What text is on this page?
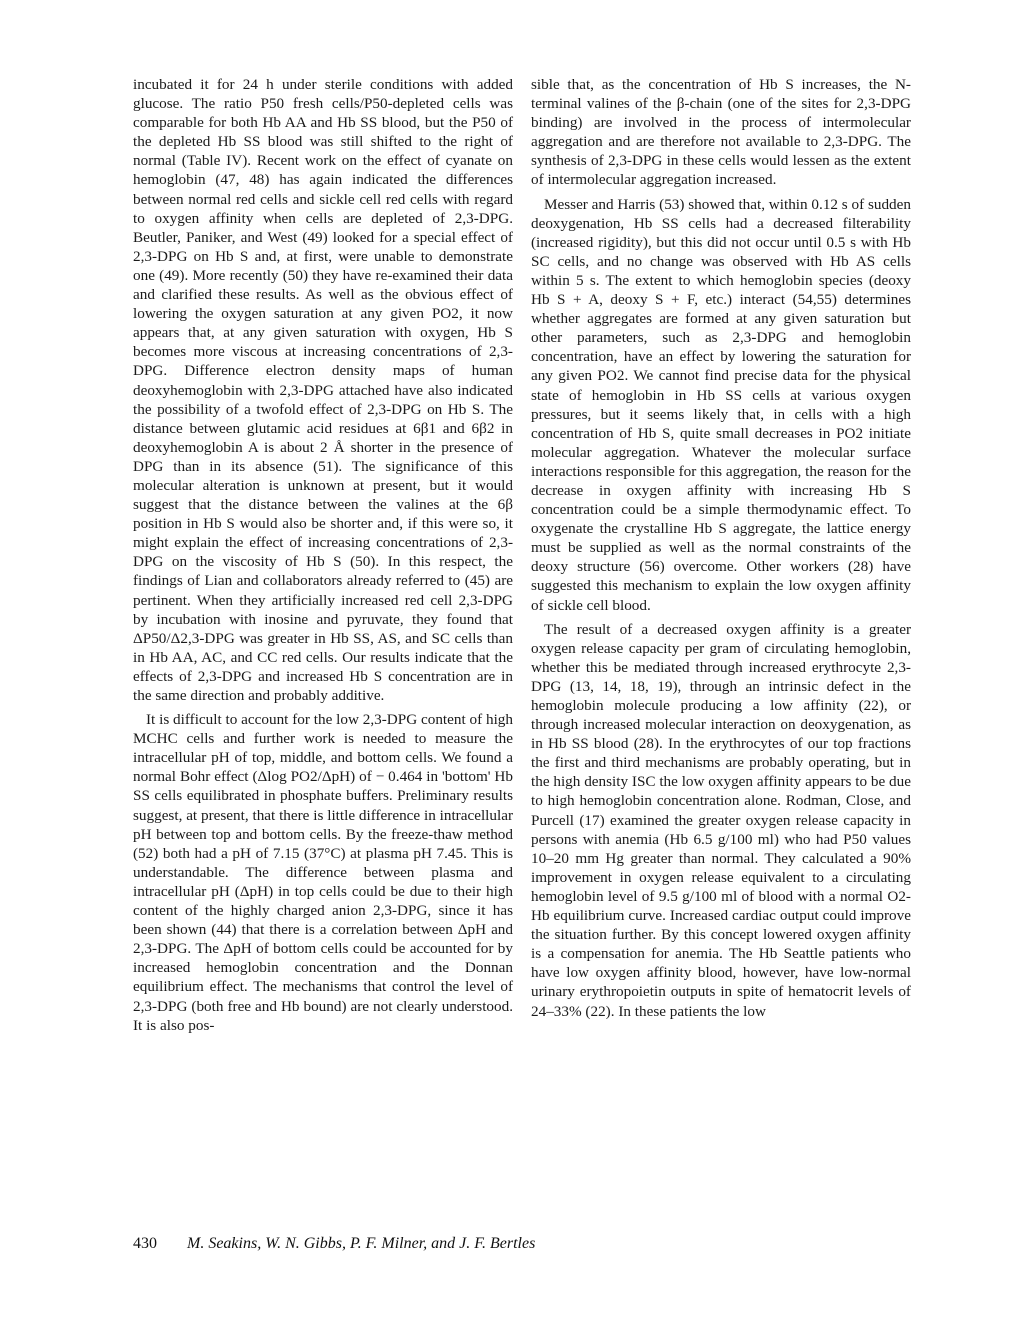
incubated it for 24 h under sterile conditions with added glucose. The ratio P50 fresh cells/P50-depleted cells was comparable for both Hb AA and Hb SS blood, but the P50 of the depleted Hb SS blood was still shifted to the right of normal (Table IV). Recent work on the effect of cyanate on hemoglobin (47, 48) has again indicated the differences between normal red cells and sickle cell red cells with regard to oxygen affinity when cells are depleted of 2,3-DPG. Beutler, Paniker, and West (49) looked for a special effect of 2,3-DPG on Hb S and, at first, were unable to demonstrate one (49). More recently (50) they have re-examined their data and clarified these results. As well as the obvious effect of lowering the oxygen saturation at any given PO2, it now appears that, at any given saturation with oxygen, Hb S becomes more viscous at increasing concentrations of 2,3-DPG. Difference electron density maps of human deoxyhemoglobin with 2,3-DPG attached have also indicated the possibility of a twofold effect of 2,3-DPG on Hb S. The distance between glutamic acid residues at 6β1 and 6β2 in deoxyhemoglobin A is about 2 Å shorter in the presence of DPG than in its absence (51). The significance of this molecular alteration is unknown at present, but it would suggest that the distance between the valines at the 6β position in Hb S would also be shorter and, if this were so, it might explain the effect of increasing concentrations of 2,3-DPG on the viscosity of Hb S (50). In this respect, the findings of Lian and collaborators already referred to (45) are pertinent. When they artificially increased red cell 2,3-DPG by incubation with inosine and pyruvate, they found that ΔP50/Δ2,3-DPG was greater in Hb SS, AS, and SC cells than in Hb AA, AC, and CC red cells. Our results indicate that the effects of 2,3-DPG and increased Hb S concentration are in the same direction and probably additive.

It is difficult to account for the low 2,3-DPG content of high MCHC cells and further work is needed to measure the intracellular pH of top, middle, and bottom cells. We found a normal Bohr effect (Δlog PO2/ΔpH) of − 0.464 in 'bottom' Hb SS cells equilibrated in phosphate buffers. Preliminary results suggest, at present, that there is little difference in intracellular pH between top and bottom cells. By the freeze-thaw method (52) both had a pH of 7.15 (37°C) at plasma pH 7.45. This is understandable. The difference between plasma and intracellular pH (ΔpH) in top cells could be due to their high content of the highly charged anion 2,3-DPG, since it has been shown (44) that there is a correlation between ΔpH and 2,3-DPG. The ΔpH of bottom cells could be accounted for by increased hemoglobin concentration and the Donnan equilibrium effect. The mechanisms that control the level of 2,3-DPG (both free and Hb bound) are not clearly understood. It is also pos-

sible that, as the concentration of Hb S increases, the N-terminal valines of the β-chain (one of the sites for 2,3-DPG binding) are involved in the process of intermolecular aggregation and are therefore not available to 2,3-DPG. The synthesis of 2,3-DPG in these cells would lessen as the extent of intermolecular aggregation increased.

Messer and Harris (53) showed that, within 0.12 s of sudden deoxygenation, Hb SS cells had a decreased filterability (increased rigidity), but this did not occur until 0.5 s with Hb SC cells, and no change was observed with Hb AS cells within 5 s. The extent to which hemoglobin species (deoxy Hb S + A, deoxy S + F, etc.) interact (54,55) determines whether aggregates are formed at any given saturation but other parameters, such as 2,3-DPG and hemoglobin concentration, have an effect by lowering the saturation for any given PO2. We cannot find precise data for the physical state of hemoglobin in Hb SS cells at various oxygen pressures, but it seems likely that, in cells with a high concentration of Hb S, quite small decreases in PO2 initiate molecular aggregation. Whatever the molecular surface interactions responsible for this aggregation, the reason for the decrease in oxygen affinity with increasing Hb S concentration could be a simple thermodynamic effect. To oxygenate the crystalline Hb S aggregate, the lattice energy must be supplied as well as the normal constraints of the deoxy structure (56) overcome. Other workers (28) have suggested this mechanism to explain the low oxygen affinity of sickle cell blood.

The result of a decreased oxygen affinity is a greater oxygen release capacity per gram of circulating hemoglobin, whether this be mediated through increased erythrocyte 2,3-DPG (13, 14, 18, 19), through an intrinsic defect in the hemoglobin molecule producing a low affinity (22), or through increased molecular interaction on deoxygenation, as in Hb SS blood (28). In the erythrocytes of our top fractions the first and third mechanisms are probably operating, but in the high density ISC the low oxygen affinity appears to be due to high hemoglobin concentration alone. Rodman, Close, and Purcell (17) examined the greater oxygen release capacity in persons with anemia (Hb 6.5 g/100 ml) who had P50 values 10–20 mm Hg greater than normal. They calculated a 90% improvement in oxygen release equivalent to a circulating hemoglobin level of 9.5 g/100 ml of blood with a normal O2-Hb equilibrium curve. Increased cardiac output could improve the situation further. By this concept lowered oxygen affinity is a compensation for anemia. The Hb Seattle patients who have low oxygen affinity blood, however, have low-normal urinary erythropoietin outputs in spite of hematocrit levels of 24–33% (22). In these patients the low

430 M. Seakins, W. N. Gibbs, P. F. Milner, and J. F. Bertles
